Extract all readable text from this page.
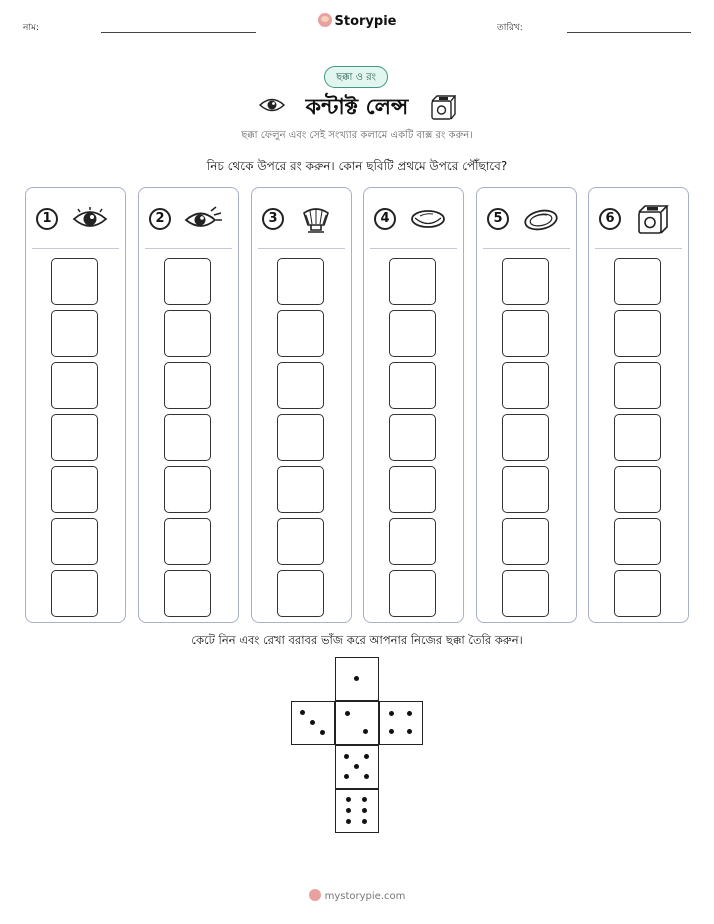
নাম:	Storypie	তারিখ:
ছক্কা ও রং
কন্টাক্ট লেন্স
ছক্কা ফেলুন এবং সেই সংখ্যার কলামে একটি বাক্স রং করুন।
নিচ থেকে উপরে রং করুন। কোন ছবিটি প্রথমে উপরে পৌঁছাবে?
1	2	3	4	5	6
কেটে নিন এবং রেখা বরাবর ভাঁজ করে আপনার নিজের ছক্কা তৈরি করুন।
mystorypie.com
